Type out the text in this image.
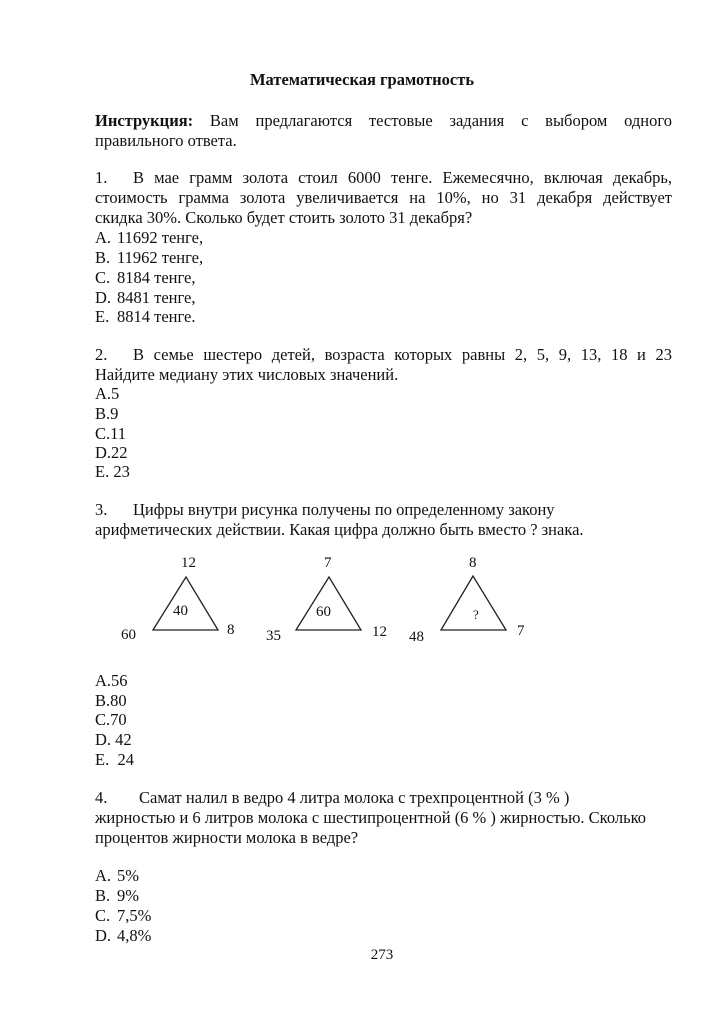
Математическая грамотность
Инструкция: Вам предлагаются тестовые задания с выбором одного
правильного ответа.
1. В мае грамм золота стоил 6000 тенге. Ежемесячно, включая декабрь,
стоимость грамма золота увеличивается на 10%, но 31 декабря действует
скидка 30%. Сколько будет стоить золото 31 декабря?
A. 11692 тенге,
B. 11962 тенге,
C. 8184 тенге,
D. 8481 тенге,
E. 8814 тенге.
2. В семье шестеро детей, возраста которых равны 2, 5, 9, 13, 18 и 23
Найдите медиану этих числовых значений.
A.5
B.9
C.11
D.22
E. 23
3. Цифры внутри рисунка получены по определенному закону
арифметических действии. Какая цифра должно быть вместо ? знака.
12
60	8
40
7
35	12
60
8
48	7
?
A.56
B.80
C.70
D. 42
E.  24
4. Самат налил в ведро 4 литра молока с трехпроцентной (3 % )
жирностью и 6 литров молока с шестипроцентной (6 % ) жирностью. Сколько
процентов жирности молока в ведре?
A. 5%
B. 9%
C. 7,5%
D. 4,8%
273
